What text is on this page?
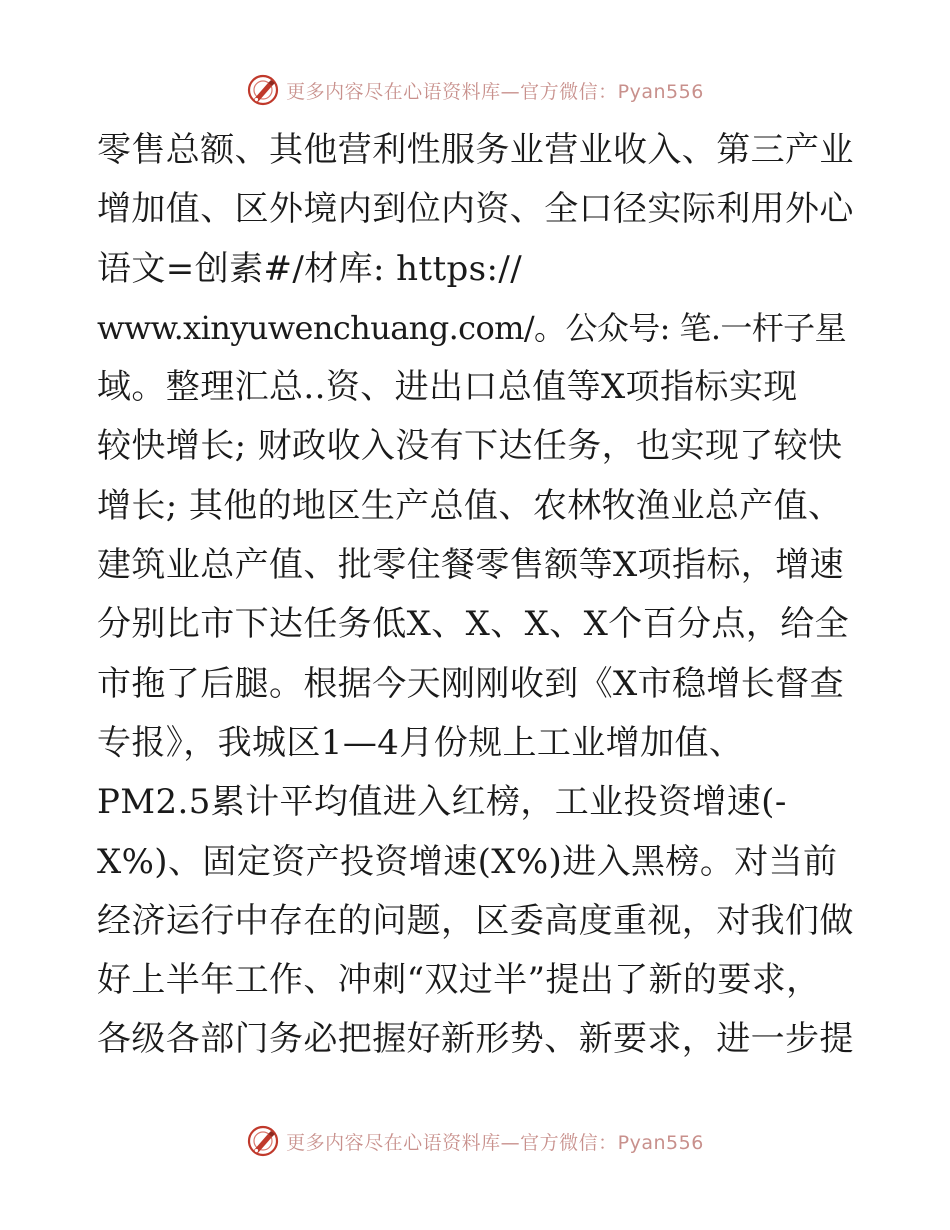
更多内容尽在心语资料库—官方微信：Pyan556
零售总额、其他营利性服务业营业收入、第三产业
增加值、区外境内到位内资、全口径实际利用外心
语文=创素#/材库: https://
www.xinyuwenchuang.com/。公众号: 笔.一杆子星
域。整理汇总..资、进出口总值等X项指标实现
较快增长; 财政收入没有下达任务，也实现了较快
增长; 其他的地区生产总值、农林牧渔业总产值、
建筑业总产值、批零住餐零售额等X项指标，增速
分别比市下达任务低X、X、X、X个百分点，给全
市拖了后腿。根据今天刚刚收到《X市稳增长督查
专报》，我城区1—4月份规上工业增加值、
PM2.5累计平均值进入红榜，工业投资增速(-
X%)、固定资产投资增速(X%)进入黑榜。对当前
经济运行中存在的问题，区委高度重视，对我们做
好上半年工作、冲刺“双过半”提出了新的要求，
各级各部门务必把握好新形势、新要求，进一步提
更多内容尽在心语资料库—官方微信：Pyan556
